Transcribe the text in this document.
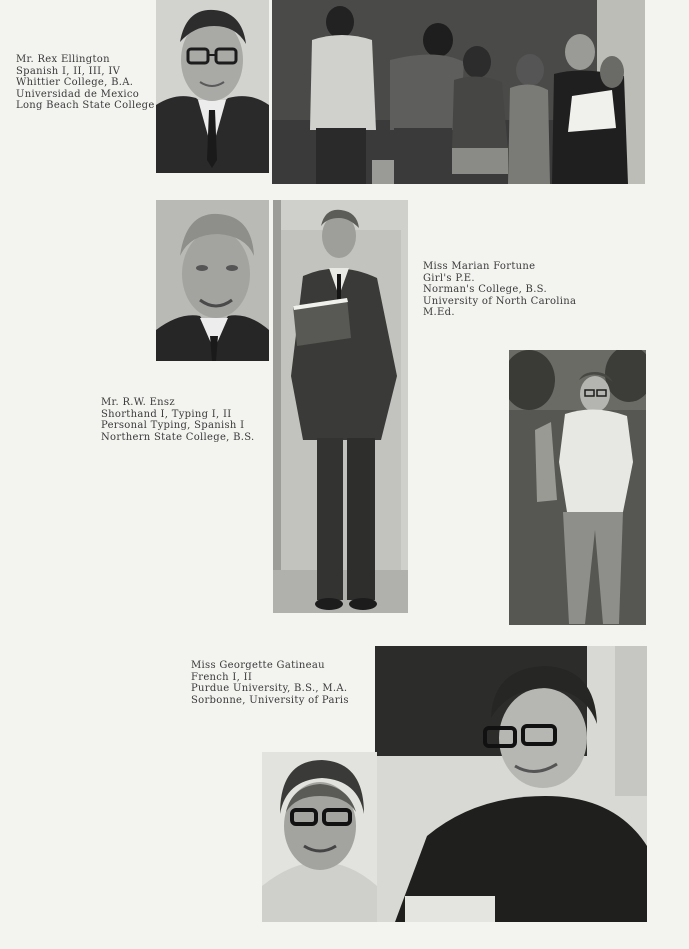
Mr. Rex Ellington
Spanish I, II, III, IV
Whittier College, B.A.
Universidad de Mexico
Long Beach State College
Miss Marian Fortune
Girl's P.E.
Norman's College, B.S.
University of North Carolina
M.Ed.
Mr. R.W. Ensz
Shorthand I, Typing I, II
Personal Typing, Spanish I
Northern State College, B.S.
Miss Georgette Gatineau
French I, II
Purdue University, B.S., M.A.
Sorbonne, University of Paris
